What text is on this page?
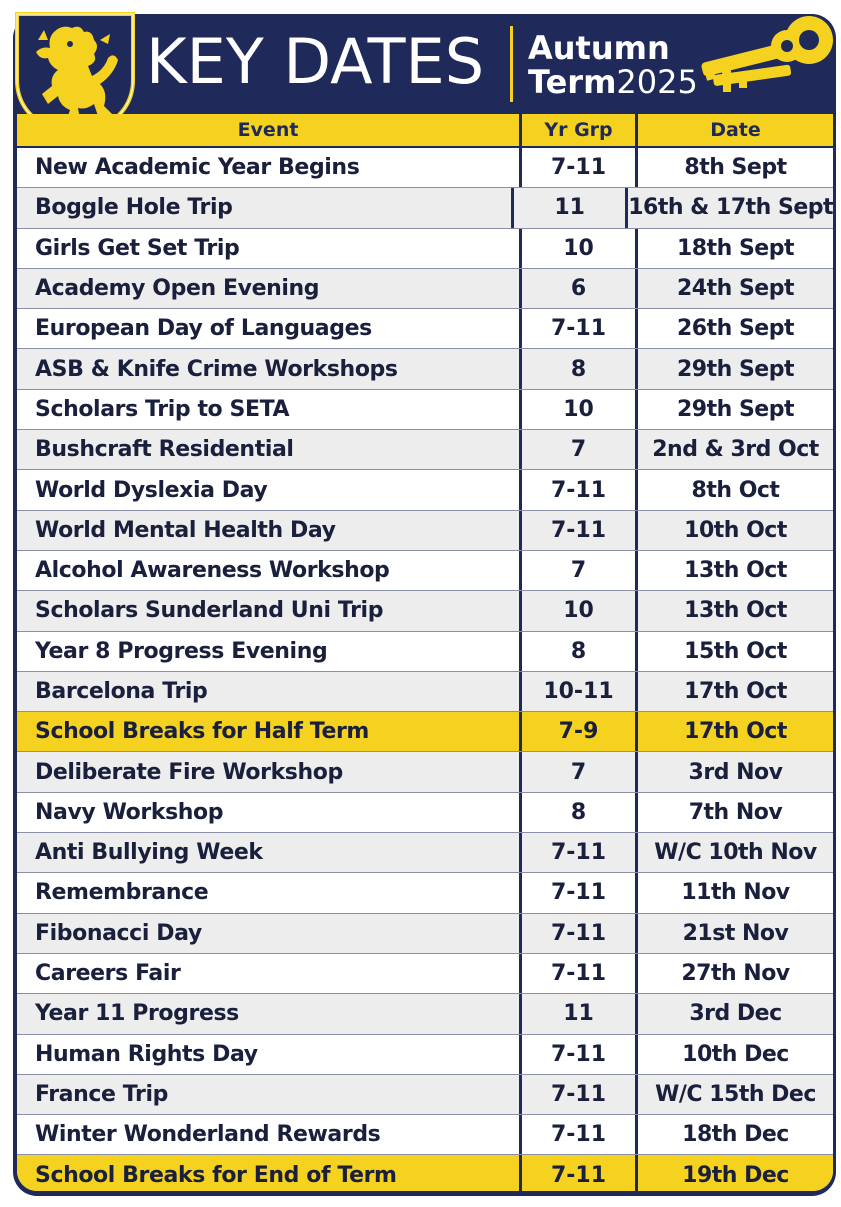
KEY DATES Autumn
Term2025
Event	Yr Grp	Date
New Academic Year Begins	7-11	8th Sept
Boggle Hole Trip	11	16th & 17th Sept
Girls Get Set Trip	10	18th Sept
Academy Open Evening	6	24th Sept
European Day of Languages	7-11	26th Sept
ASB & Knife Crime Workshops	8	29th Sept
Scholars Trip to SETA	10	29th Sept
Bushcraft Residential	7	2nd & 3rd Oct
World Dyslexia Day	7-11	8th Oct
World Mental Health Day	7-11	10th Oct
Alcohol Awareness Workshop	7	13th Oct
Scholars Sunderland Uni Trip	10	13th Oct
Year 8 Progress Evening	8	15th Oct
Barcelona Trip	10-11	17th Oct
School Breaks for Half Term	7-9	17th Oct
Deliberate Fire Workshop	7	3rd Nov
Navy Workshop	8	7th Nov
Anti Bullying Week	7-11	W/C 10th Nov
Remembrance	7-11	11th Nov
Fibonacci Day	7-11	21st Nov
Careers Fair	7-11	27th Nov
Year 11 Progress	11	3rd Dec
Human Rights Day	7-11	10th Dec
France Trip	7-11	W/C 15th Dec
Winter Wonderland Rewards	7-11	18th Dec
School Breaks for End of Term	7-11	19th Dec
